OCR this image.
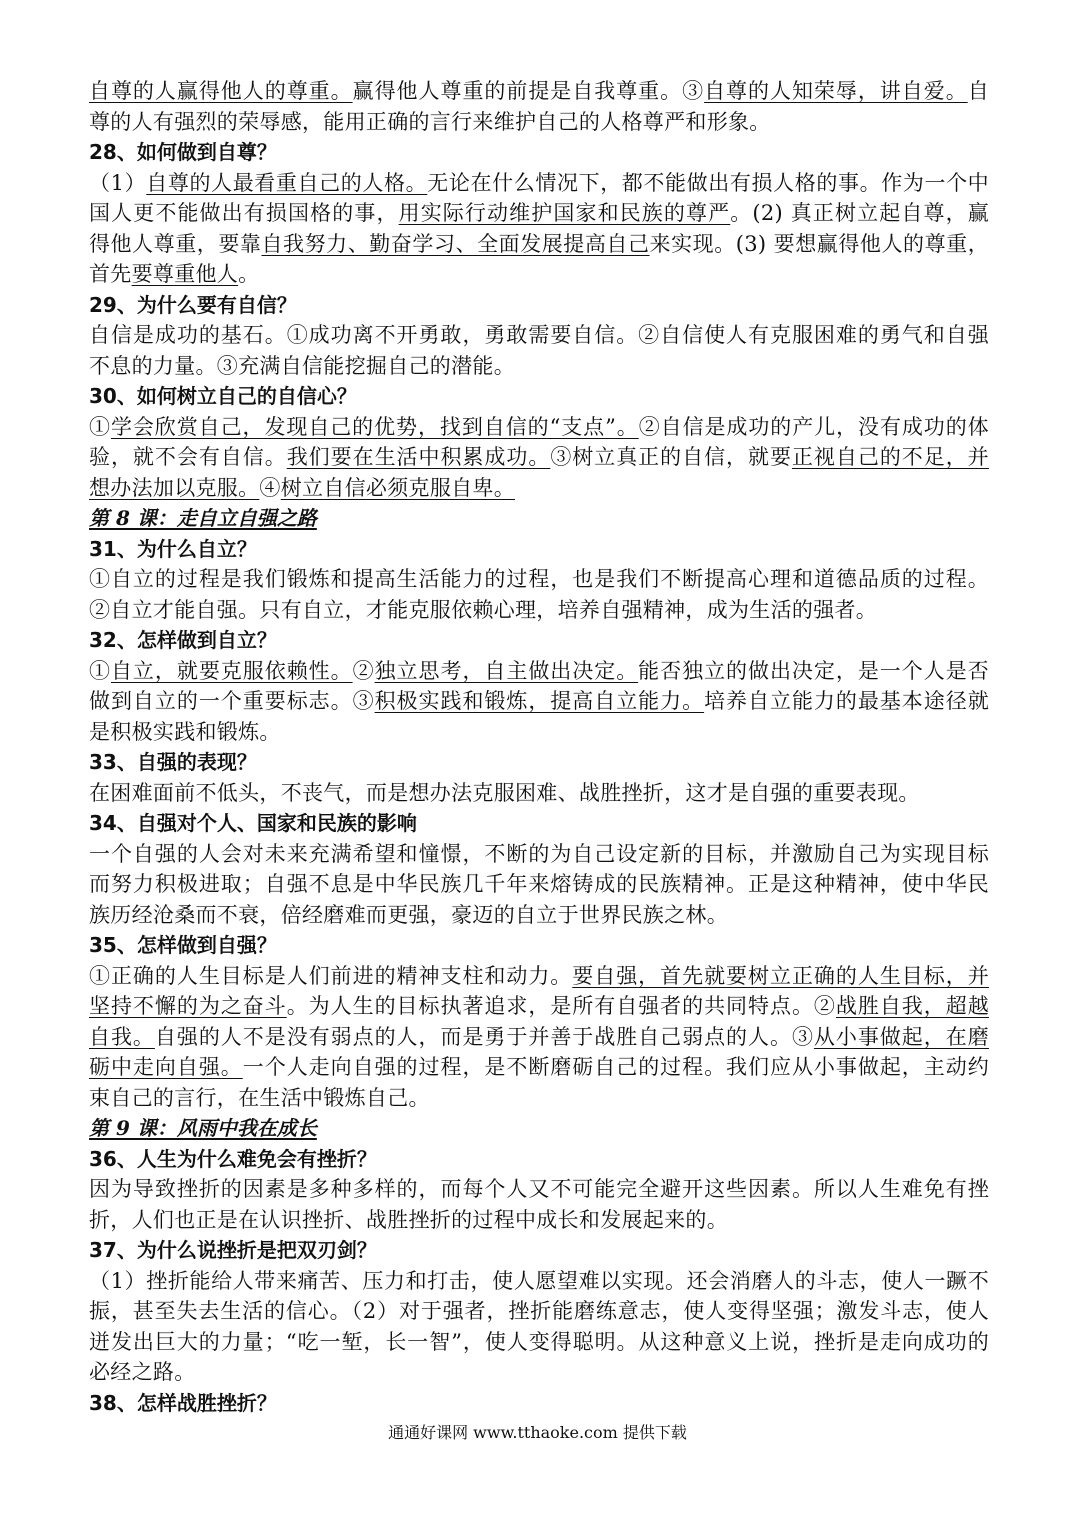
自尊的人赢得他人的尊重。赢得他人尊重的前提是自我尊重。③自尊的人知荣辱，讲自爱。自
尊的人有强烈的荣辱感，能用正确的言行来维护自己的人格尊严和形象。
28、如何做到自尊？
（1）自尊的人最看重自己的人格。无论在什么情况下，都不能做出有损人格的事。作为一个中
国人更不能做出有损国格的事，用实际行动维护国家和民族的尊严。(2) 真正树立起自尊，赢
得他人尊重，要靠自我努力、勤奋学习、全面发展提高自己来实现。(3) 要想赢得他人的尊重，
首先要尊重他人。
29、为什么要有自信？
自信是成功的基石。①成功离不开勇敢，勇敢需要自信。②自信使人有克服困难的勇气和自强
不息的力量。③充满自信能挖掘自己的潜能。
30、如何树立自己的自信心？
①学会欣赏自己，发现自己的优势，找到自信的“支点”。②自信是成功的产儿，没有成功的体
验，就不会有自信。我们要在生活中积累成功。③树立真正的自信，就要正视自己的不足，并
想办法加以克服。④树立自信必须克服自卑。
第 8 课：走自立自强之路
31、为什么自立？
①自立的过程是我们锻炼和提高生活能力的过程，也是我们不断提高心理和道德品质的过程。
②自立才能自强。只有自立，才能克服依赖心理，培养自强精神，成为生活的强者。
32、怎样做到自立？
①自立，就要克服依赖性。②独立思考，自主做出决定。能否独立的做出决定，是一个人是否
做到自立的一个重要标志。③积极实践和锻炼，提高自立能力。培养自立能力的最基本途径就
是积极实践和锻炼。
33、自强的表现？
在困难面前不低头，不丧气，而是想办法克服困难、战胜挫折，这才是自强的重要表现。
34、自强对个人、国家和民族的影响
一个自强的人会对未来充满希望和憧憬，不断的为自己设定新的目标，并激励自己为实现目标
而努力积极进取；自强不息是中华民族几千年来熔铸成的民族精神。正是这种精神，使中华民
族历经沧桑而不衰，倍经磨难而更强，豪迈的自立于世界民族之林。
35、怎样做到自强？
①正确的人生目标是人们前进的精神支柱和动力。要自强，首先就要树立正确的人生目标，并
坚持不懈的为之奋斗。为人生的目标执著追求，是所有自强者的共同特点。②战胜自我，超越
自我。自强的人不是没有弱点的人，而是勇于并善于战胜自己弱点的人。③从小事做起，在磨
砺中走向自强。一个人走向自强的过程，是不断磨砺自己的过程。我们应从小事做起，主动约
束自己的言行，在生活中锻炼自己。
第 9 课：风雨中我在成长
36、人生为什么难免会有挫折？
因为导致挫折的因素是多种多样的，而每个人又不可能完全避开这些因素。所以人生难免有挫
折，人们也正是在认识挫折、战胜挫折的过程中成长和发展起来的。
37、为什么说挫折是把双刃剑？
（1）挫折能给人带来痛苦、压力和打击，使人愿望难以实现。还会消磨人的斗志，使人一蹶不
振，甚至失去生活的信心。（2）对于强者，挫折能磨练意志，使人变得坚强；激发斗志，使人
迸发出巨大的力量；“吃一堑，长一智”，使人变得聪明。从这种意义上说，挫折是走向成功的
必经之路。
38、怎样战胜挫折？
通通好课网 www.tthaoke.com 提供下载
